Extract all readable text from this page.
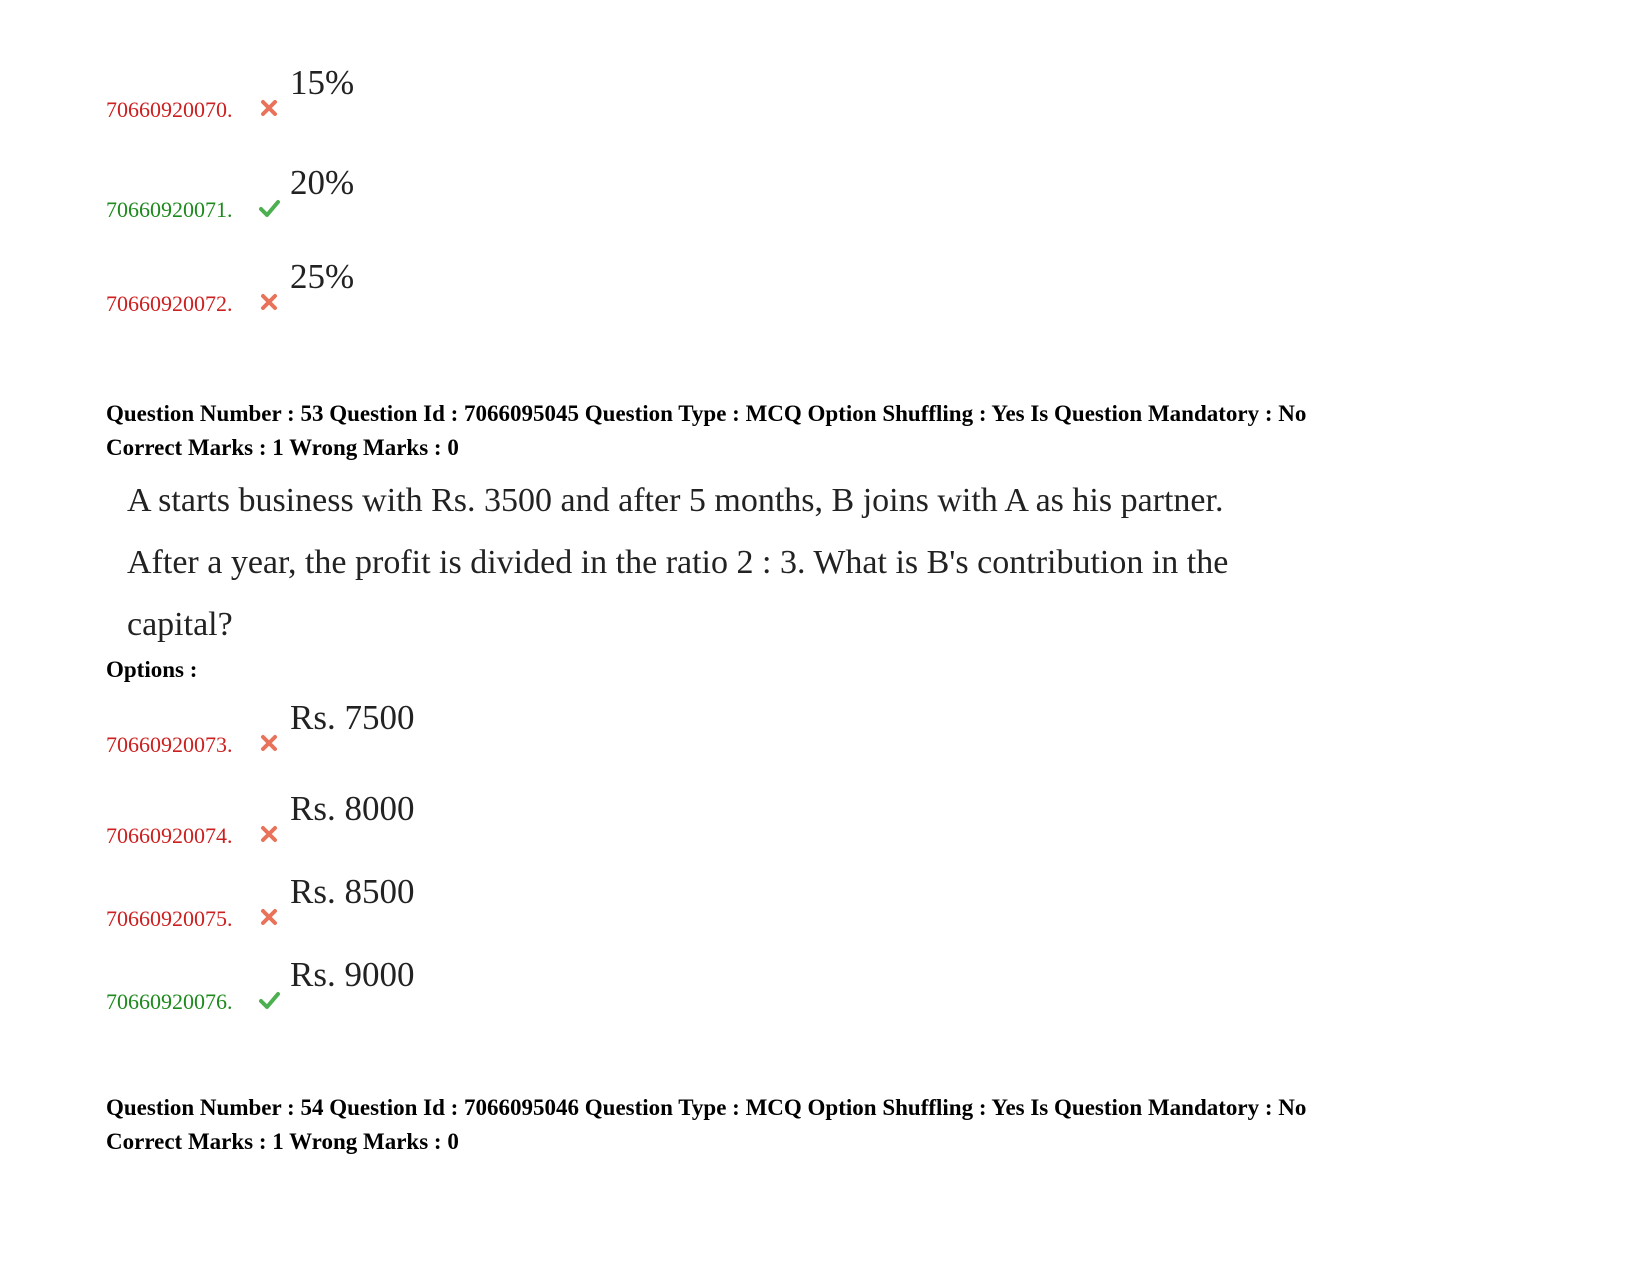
70660920070.
15%
70660920071.
20%
70660920072.
25%
Question Number : 53 Question Id : 7066095045 Question Type : MCQ Option Shuffling : Yes Is Question Mandatory : No
Correct Marks : 1 Wrong Marks : 0

A starts business with Rs. 3500 and after 5 months, B joins with A as his partner.

After a year, the profit is divided in the ratio 2 : 3. What is B's contribution in the

capital?

Options :
70660920073.
Rs. 7500
70660920074.
Rs. 8000
70660920075.
Rs. 8500
70660920076.
Rs. 9000
Question Number : 54 Question Id : 7066095046 Question Type : MCQ Option Shuffling : Yes Is Question Mandatory : No
Correct Marks : 1 Wrong Marks : 0
